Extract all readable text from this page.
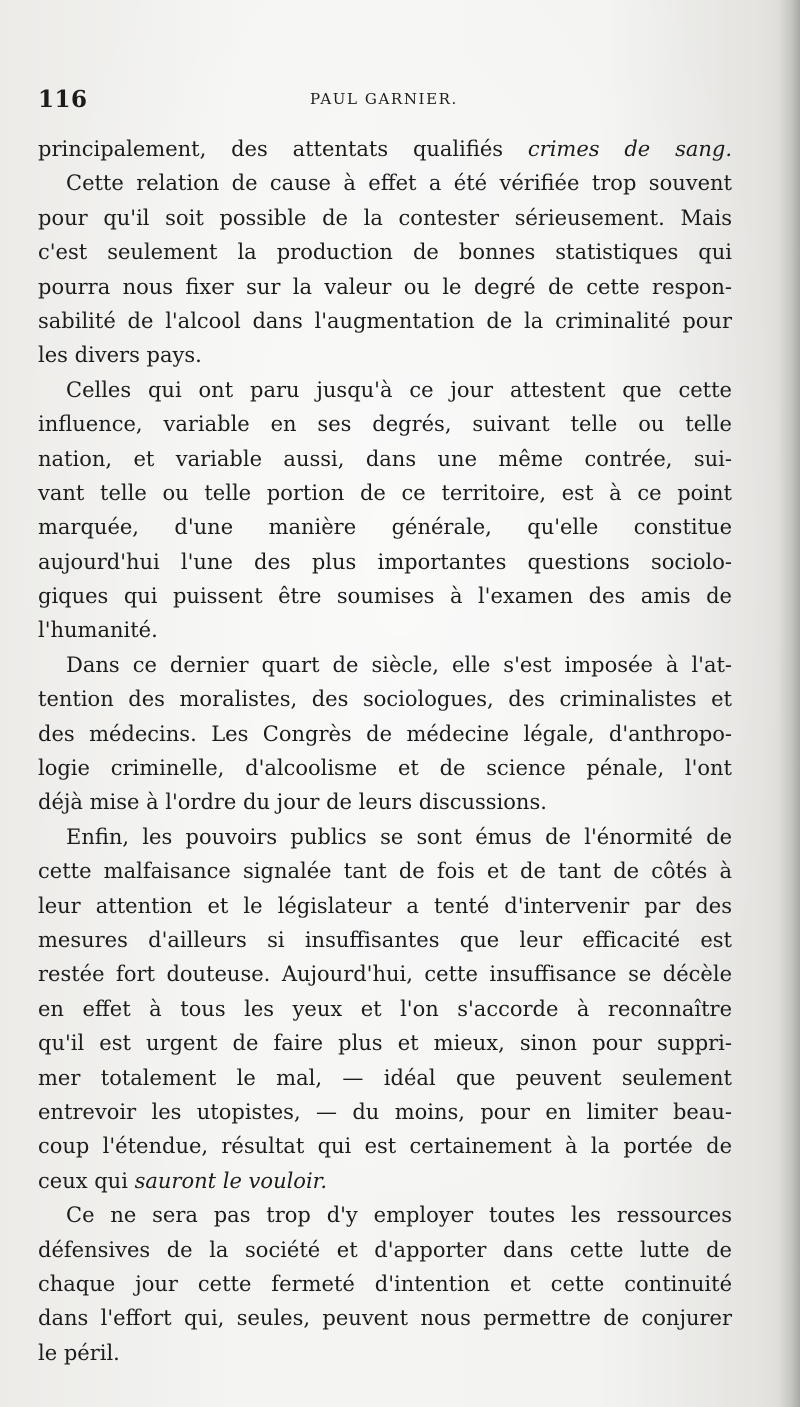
116	PAUL GARNIER.
principalement, des attentats qualifiés crimes de sang.
Cette relation de cause à effet a été vérifiée trop souvent
pour qu'il soit possible de la contester sérieusement. Mais
c'est seulement la production de bonnes statistiques qui
pourra nous fixer sur la valeur ou le degré de cette respon-
sabilité de l'alcool dans l'augmentation de la criminalité pour
les divers pays.
Celles qui ont paru jusqu'à ce jour attestent que cette
influence, variable en ses degrés, suivant telle ou telle
nation, et variable aussi, dans une même contrée, sui-
vant telle ou telle portion de ce territoire, est à ce point
marquée, d'une manière générale, qu'elle constitue
aujourd'hui l'une des plus importantes questions sociolo-
giques qui puissent être soumises à l'examen des amis de
l'humanité.
Dans ce dernier quart de siècle, elle s'est imposée à l'at-
tention des moralistes, des sociologues, des criminalistes et
des médecins. Les Congrès de médecine légale, d'anthropo-
logie criminelle, d'alcoolisme et de science pénale, l'ont
déjà mise à l'ordre du jour de leurs discussions.
Enfin, les pouvoirs publics se sont émus de l'énormité de
cette malfaisance signalée tant de fois et de tant de côtés à
leur attention et le législateur a tenté d'intervenir par des
mesures d'ailleurs si insuffisantes que leur efficacité est
restée fort douteuse. Aujourd'hui, cette insuffisance se décèle
en effet à tous les yeux et l'on s'accorde à reconnaître
qu'il est urgent de faire plus et mieux, sinon pour suppri-
mer totalement le mal, — idéal que peuvent seulement
entrevoir les utopistes, — du moins, pour en limiter beau-
coup l'étendue, résultat qui est certainement à la portée de
ceux qui sauront le vouloir.
Ce ne sera pas trop d'y employer toutes les ressources
défensives de la société et d'apporter dans cette lutte de
chaque jour cette fermeté d'intention et cette continuité
dans l'effort qui, seules, peuvent nous permettre de conjurer
le péril.
